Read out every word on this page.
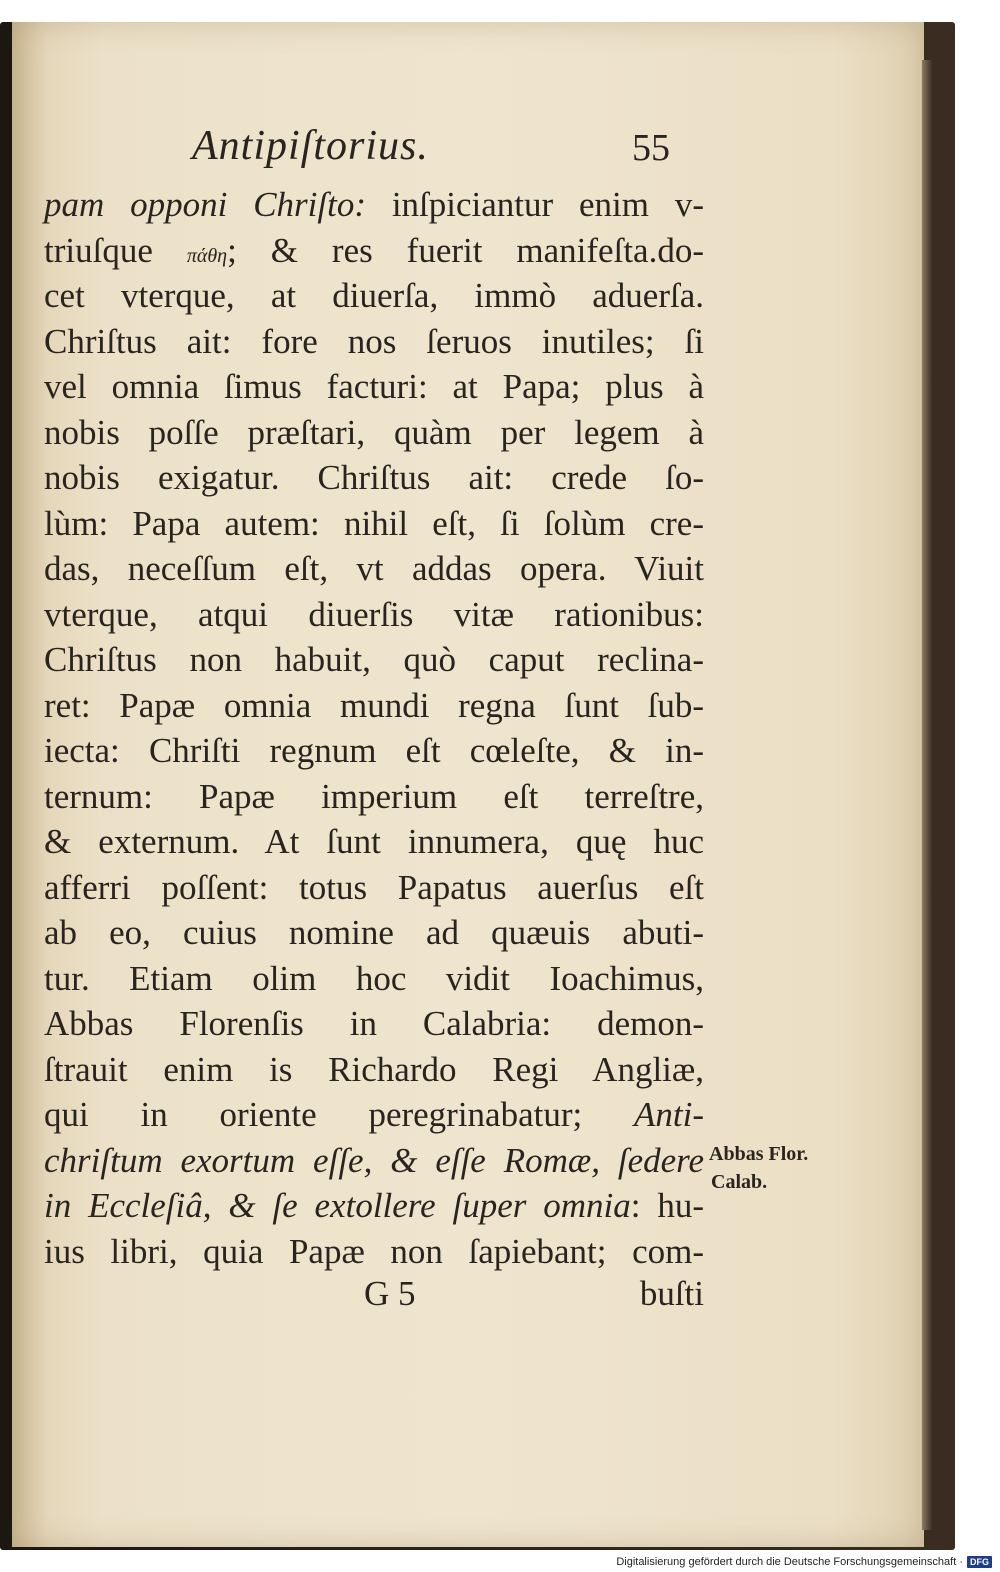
Antipiſtorius.	55
pam opponi Chriſto: inſpiciantur enim v-
triuſque πάθη; & res fuerit manifeſta.do-
cet vterque, at diuerſa, immò aduerſa.
Chriſtus ait: fore nos ſeruos inutiles; ſi
vel omnia ſimus facturi: at Papa; plus à
nobis poſſe præſtari, quàm per legem à
nobis exigatur. Chriſtus ait: crede ſo-
lùm: Papa autem: nihil eſt, ſi ſolùm cre-
das, neceſſum eſt, vt addas opera. Viuit
vterque, atqui diuerſis vitæ rationibus:
Chriſtus non habuit, quò caput reclina-
ret: Papæ omnia mundi regna ſunt ſub-
iecta: Chriſti regnum eſt cœleſte, & in-
ternum: Papæ imperium eſt terreſtre,
& externum. At ſunt innumera, quę huc
afferri poſſent: totus Papatus auerſus eſt
ab eo, cuius nomine ad quæuis abuti-
tur. Etiam olim hoc vidit Ioachimus,
Abbas Florenſis in Calabria: demon-
ſtrauit enim is Richardo Regi Angliæ,
qui in oriente peregrinabatur; Anti-
chriſtum exortum eſſe, & eſſe Romæ, ſedere
in Eccleſiâ, & ſe extollere ſuper omnia: hu-
ius libri, quia Papæ non ſapiebant; com-
Abbas Flor.
Calab.
G 5	buſti
Digitalisierung gefördert durch die Deutsche Forschungsgemeinschaft · DFG
